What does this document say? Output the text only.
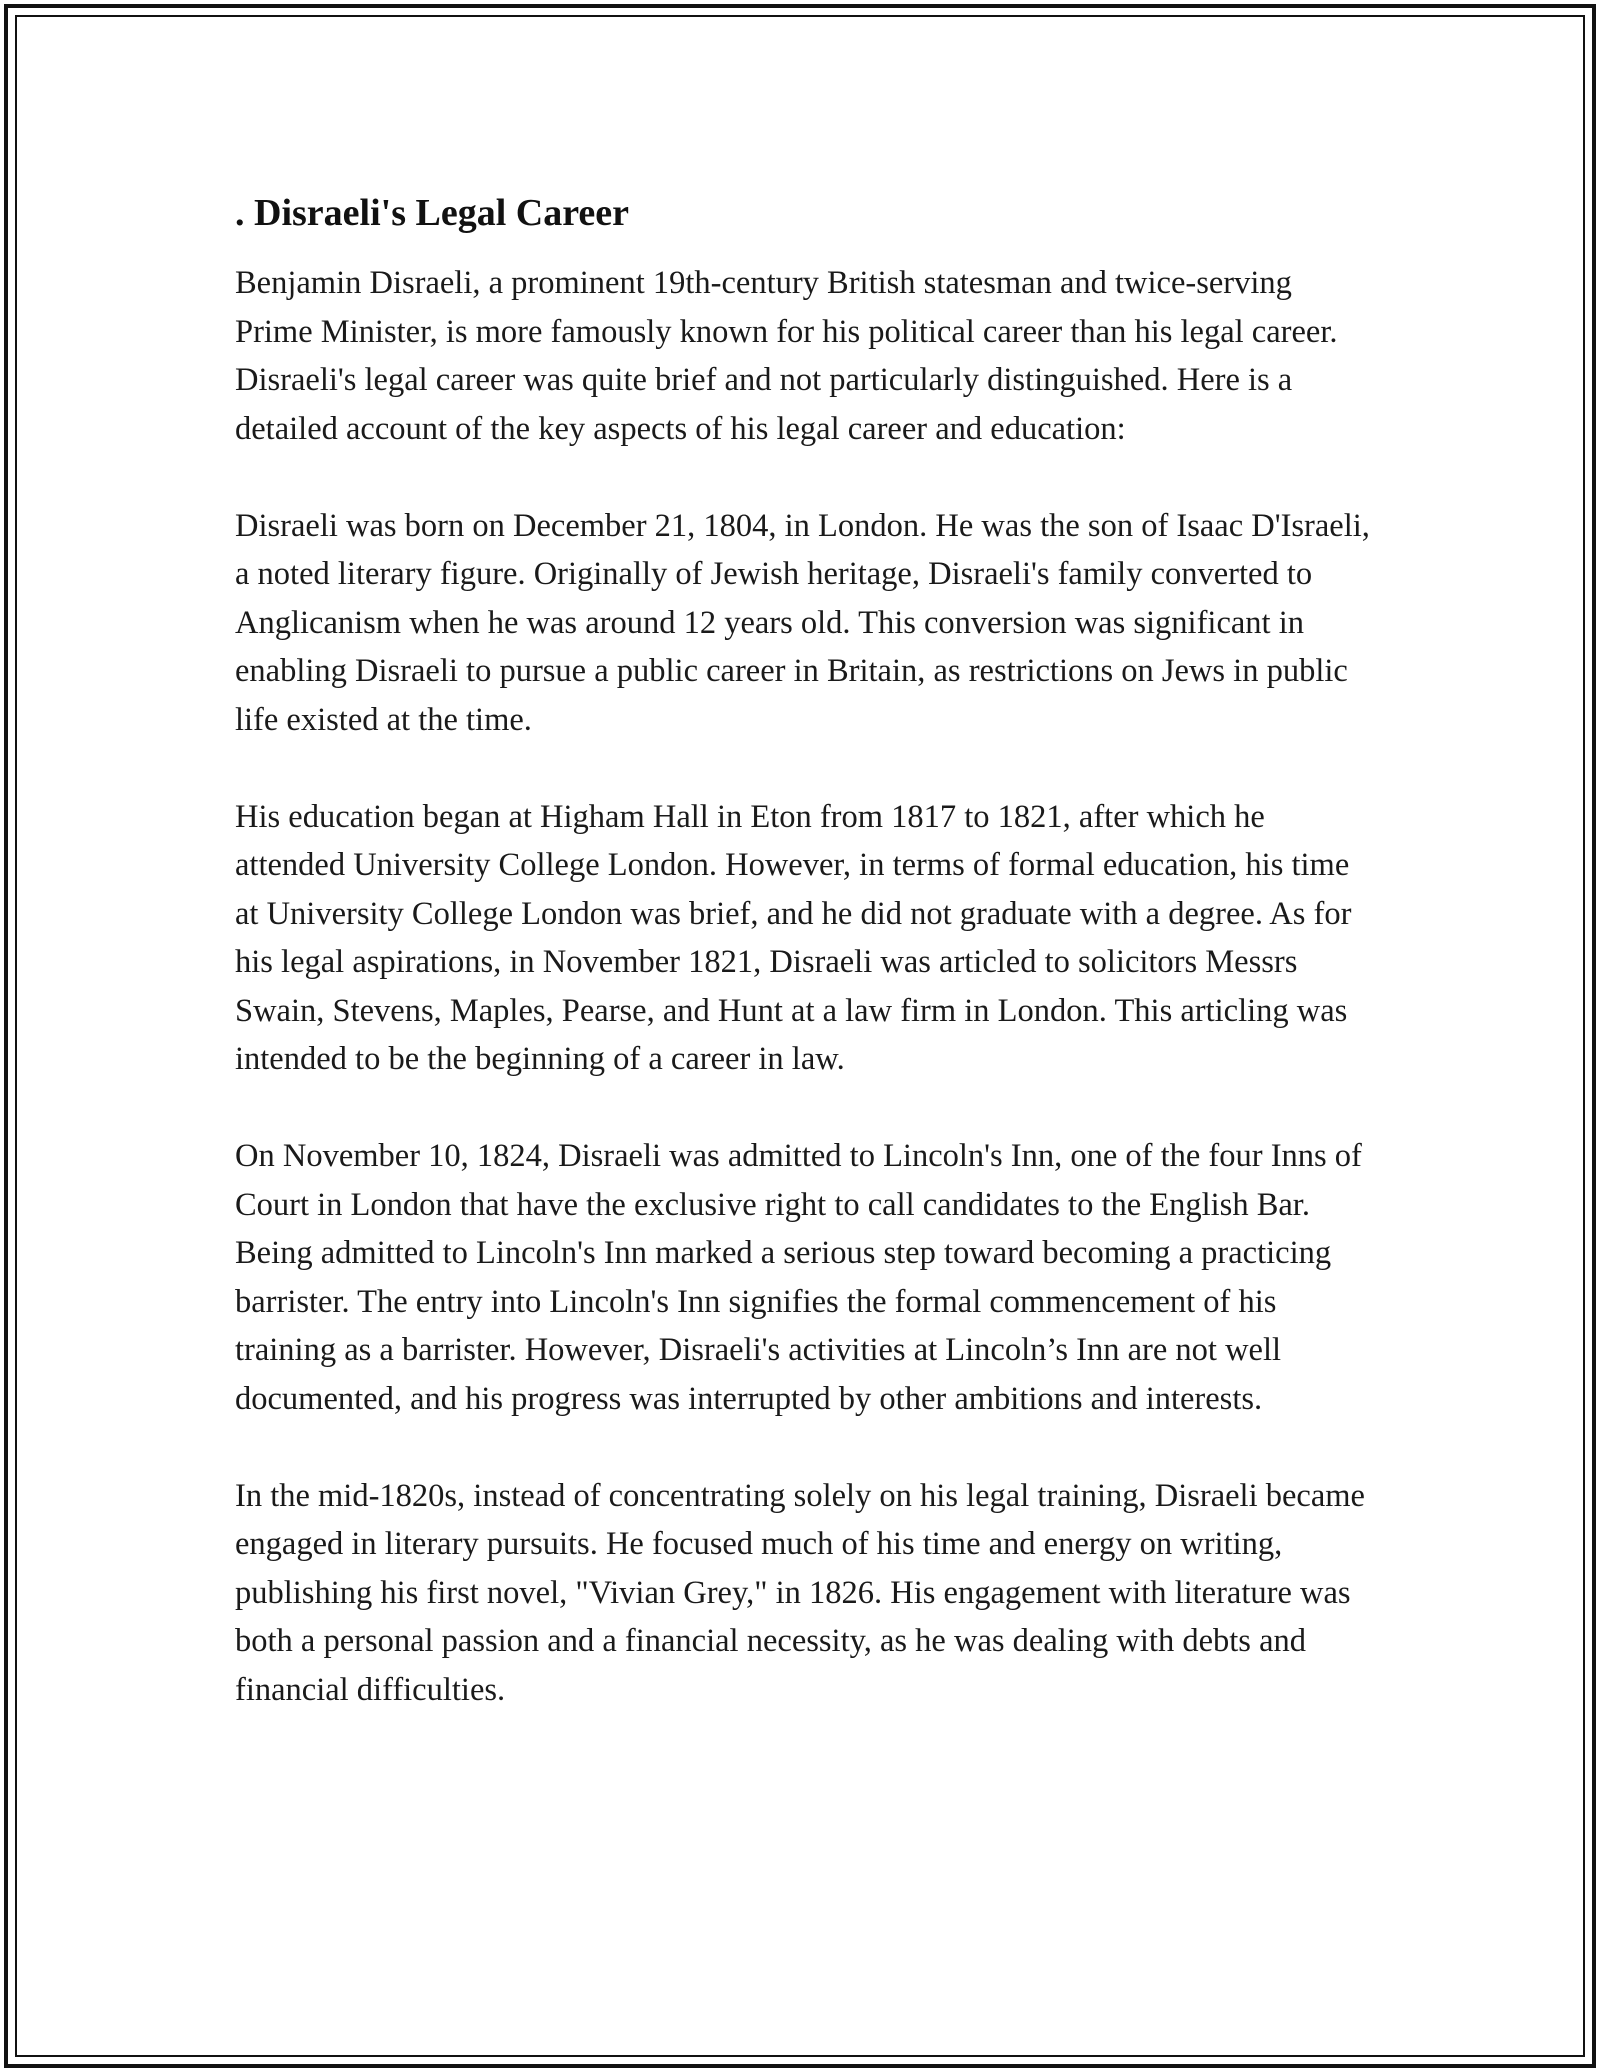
. Disraeli's Legal Career

Benjamin Disraeli, a prominent 19th-century British statesman and twice-serving Prime Minister, is more famously known for his political career than his legal career. Disraeli's legal career was quite brief and not particularly distinguished. Here is a detailed account of the key aspects of his legal career and education:

Disraeli was born on December 21, 1804, in London. He was the son of Isaac D'Israeli, a noted literary figure. Originally of Jewish heritage, Disraeli's family converted to Anglicanism when he was around 12 years old. This conversion was significant in enabling Disraeli to pursue a public career in Britain, as restrictions on Jews in public life existed at the time.

His education began at Higham Hall in Eton from 1817 to 1821, after which he attended University College London. However, in terms of formal education, his time at University College London was brief, and he did not graduate with a degree. As for his legal aspirations, in November 1821, Disraeli was articled to solicitors Messrs Swain, Stevens, Maples, Pearse, and Hunt at a law firm in London. This articling was intended to be the beginning of a career in law.

On November 10, 1824, Disraeli was admitted to Lincoln's Inn, one of the four Inns of Court in London that have the exclusive right to call candidates to the English Bar. Being admitted to Lincoln's Inn marked a serious step toward becoming a practicing barrister. The entry into Lincoln's Inn signifies the formal commencement of his training as a barrister. However, Disraeli's activities at Lincoln’s Inn are not well documented, and his progress was interrupted by other ambitions and interests.

In the mid-1820s, instead of concentrating solely on his legal training, Disraeli became engaged in literary pursuits. He focused much of his time and energy on writing, publishing his first novel, "Vivian Grey," in 1826. His engagement with literature was both a personal passion and a financial necessity, as he was dealing with debts and financial difficulties.
